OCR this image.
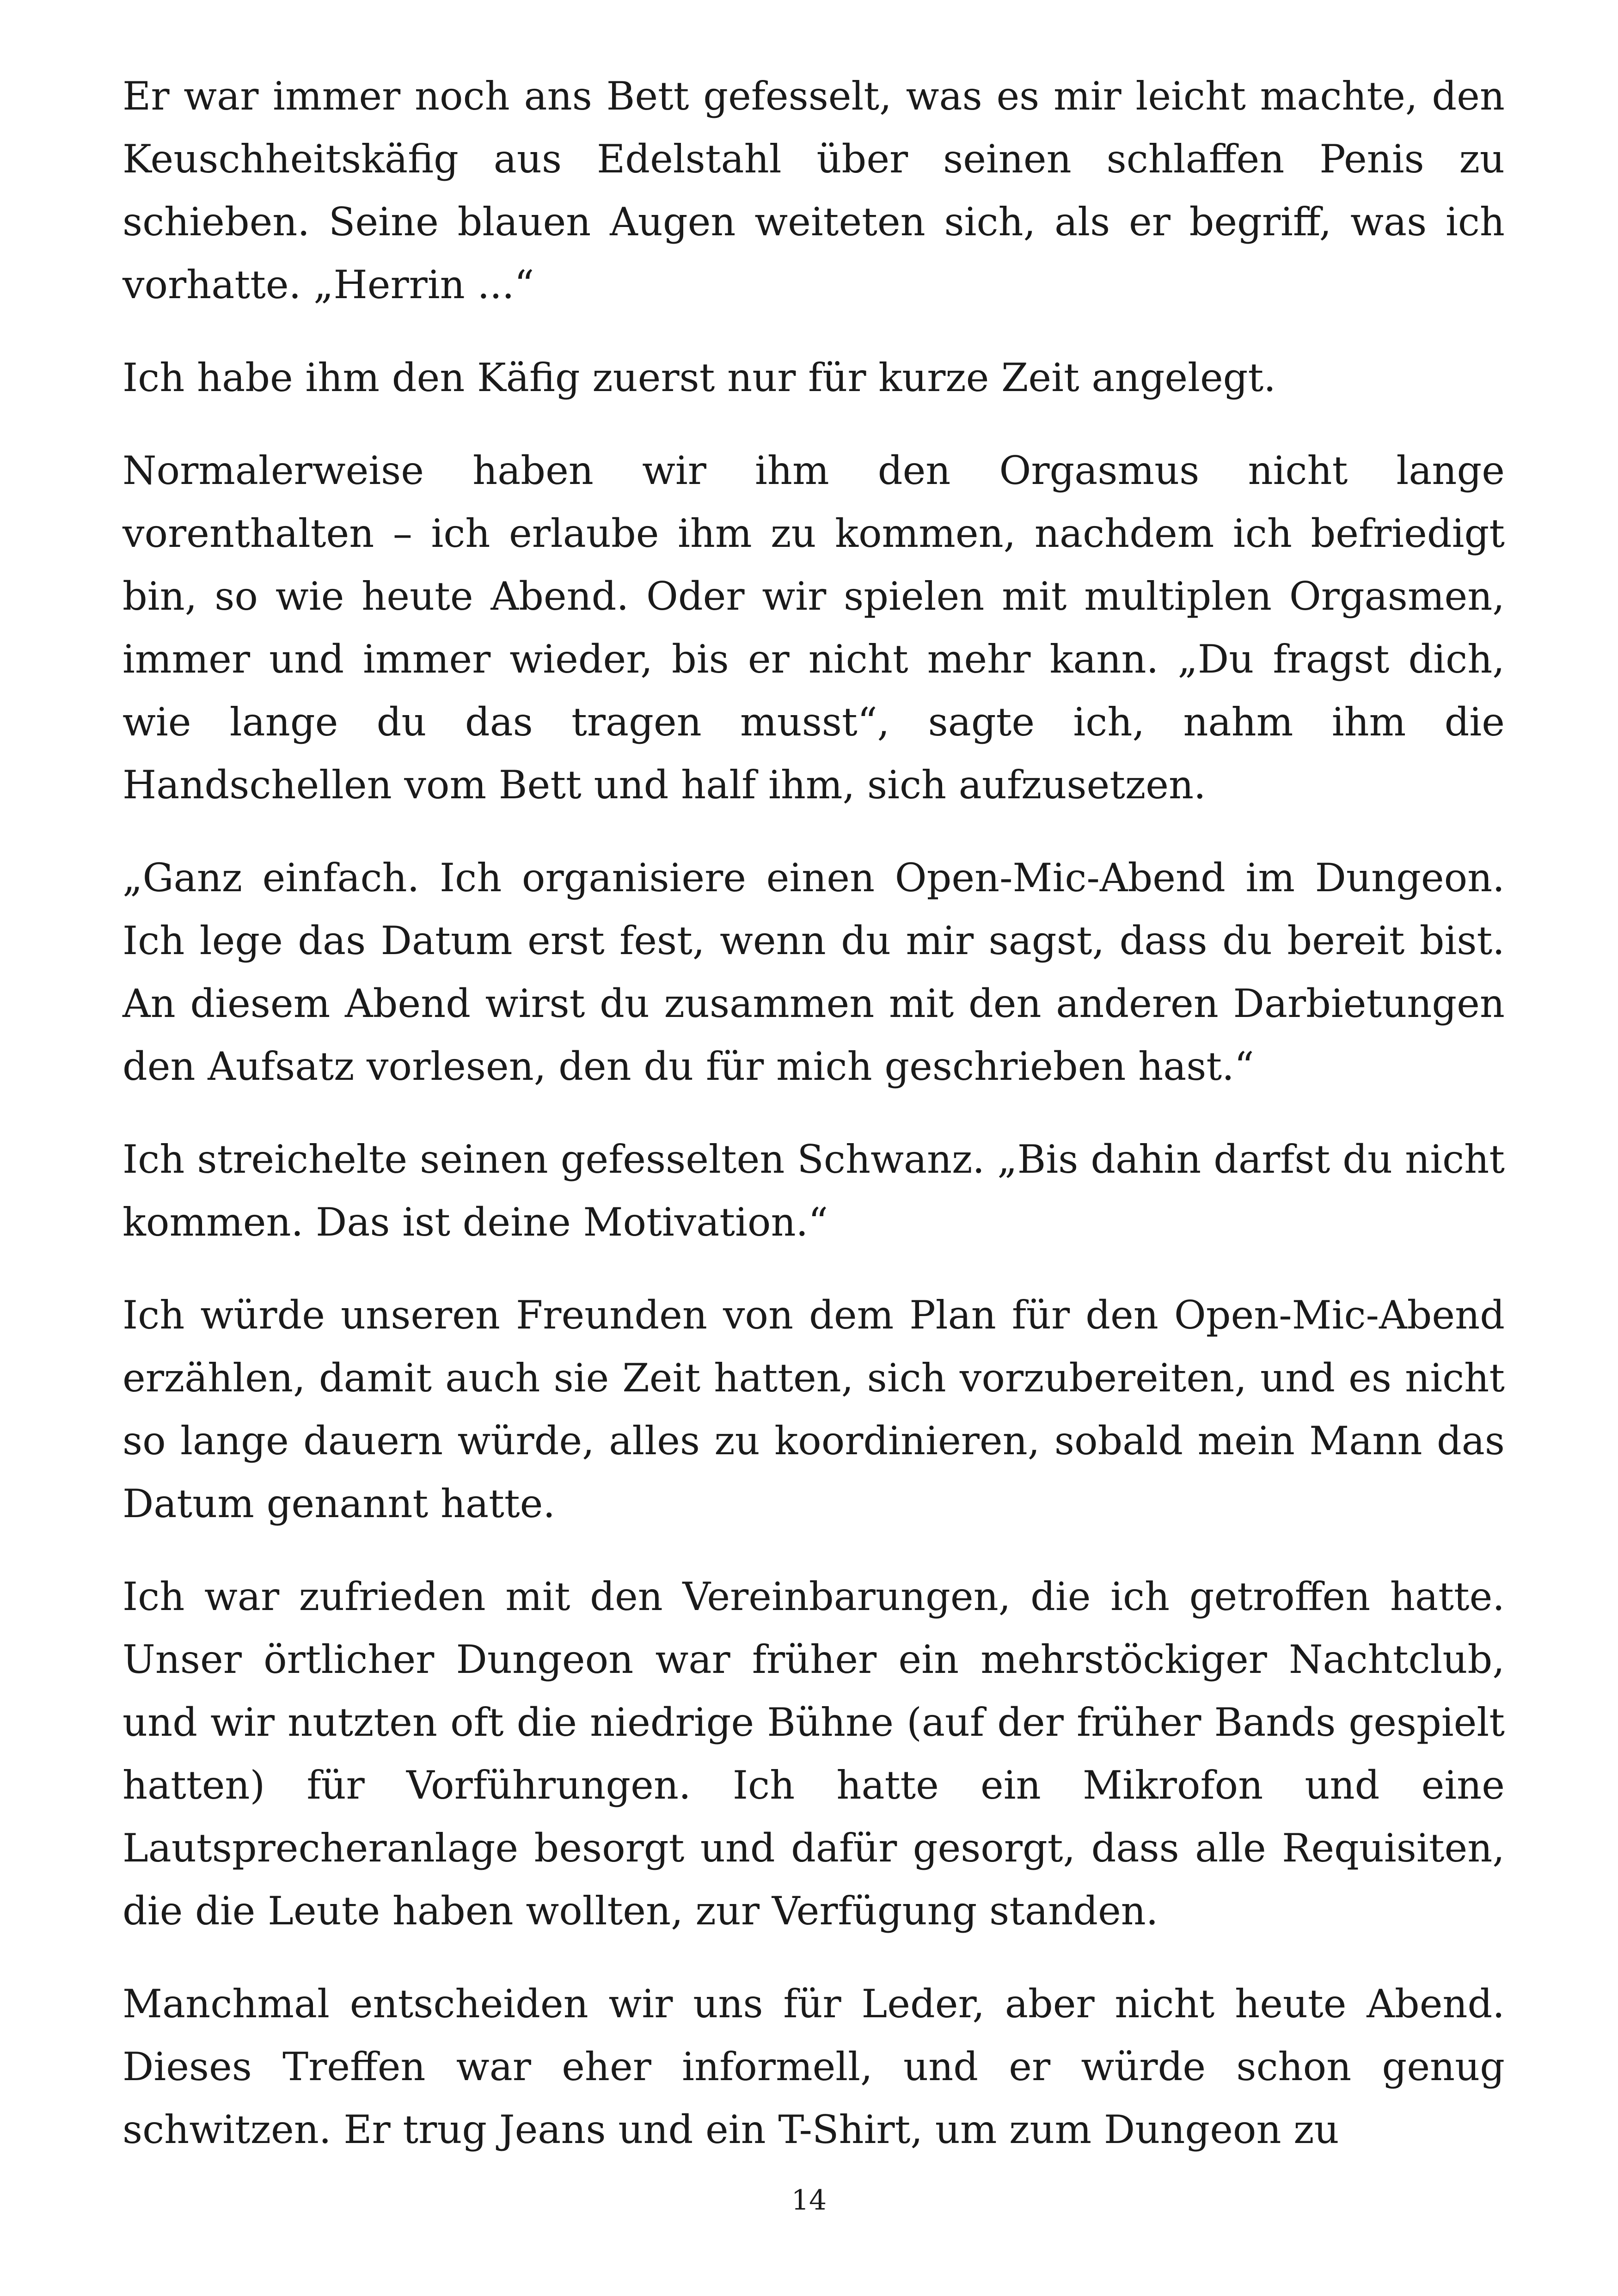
Er war immer noch ans Bett gefesselt, was es mir leicht machte, den Keuschheitskäfig aus Edelstahl über seinen schlaffen Penis zu schieben. Seine blauen Augen weiteten sich, als er begriff, was ich vorhatte. „Herrin ...“

Ich habe ihm den Käfig zuerst nur für kurze Zeit angelegt.

Normalerweise haben wir ihm den Orgasmus nicht lange vorenthalten – ich erlaube ihm zu kommen, nachdem ich befriedigt bin, so wie heute Abend. Oder wir spielen mit multiplen Orgasmen, immer und immer wieder, bis er nicht mehr kann. „Du fragst dich, wie lange du das tragen musst“, sagte ich, nahm ihm die Handschellen vom Bett und half ihm, sich aufzusetzen.

„Ganz einfach. Ich organisiere einen Open-Mic-Abend im Dungeon. Ich lege das Datum erst fest, wenn du mir sagst, dass du bereit bist. An diesem Abend wirst du zusammen mit den anderen Darbietungen den Aufsatz vorlesen, den du für mich geschrieben hast.“

Ich streichelte seinen gefesselten Schwanz. „Bis dahin darfst du nicht kommen. Das ist deine Motivation.“

Ich würde unseren Freunden von dem Plan für den Open-Mic-Abend erzählen, damit auch sie Zeit hatten, sich vorzubereiten, und es nicht so lange dauern würde, alles zu koordinieren, sobald mein Mann das Datum genannt hatte.

Ich war zufrieden mit den Vereinbarungen, die ich getroffen hatte. Unser örtlicher Dungeon war früher ein mehrstöckiger Nachtclub, und wir nutzten oft die niedrige Bühne (auf der früher Bands gespielt hatten) für Vorführungen. Ich hatte ein Mikrofon und eine Lautsprecheranlage besorgt und dafür gesorgt, dass alle Requisiten, die die Leute haben wollten, zur Verfügung standen.

Manchmal entscheiden wir uns für Leder, aber nicht heute Abend. Dieses Treffen war eher informell, und er würde schon genug schwitzen. Er trug Jeans und ein T-Shirt, um zum Dungeon zu

14
